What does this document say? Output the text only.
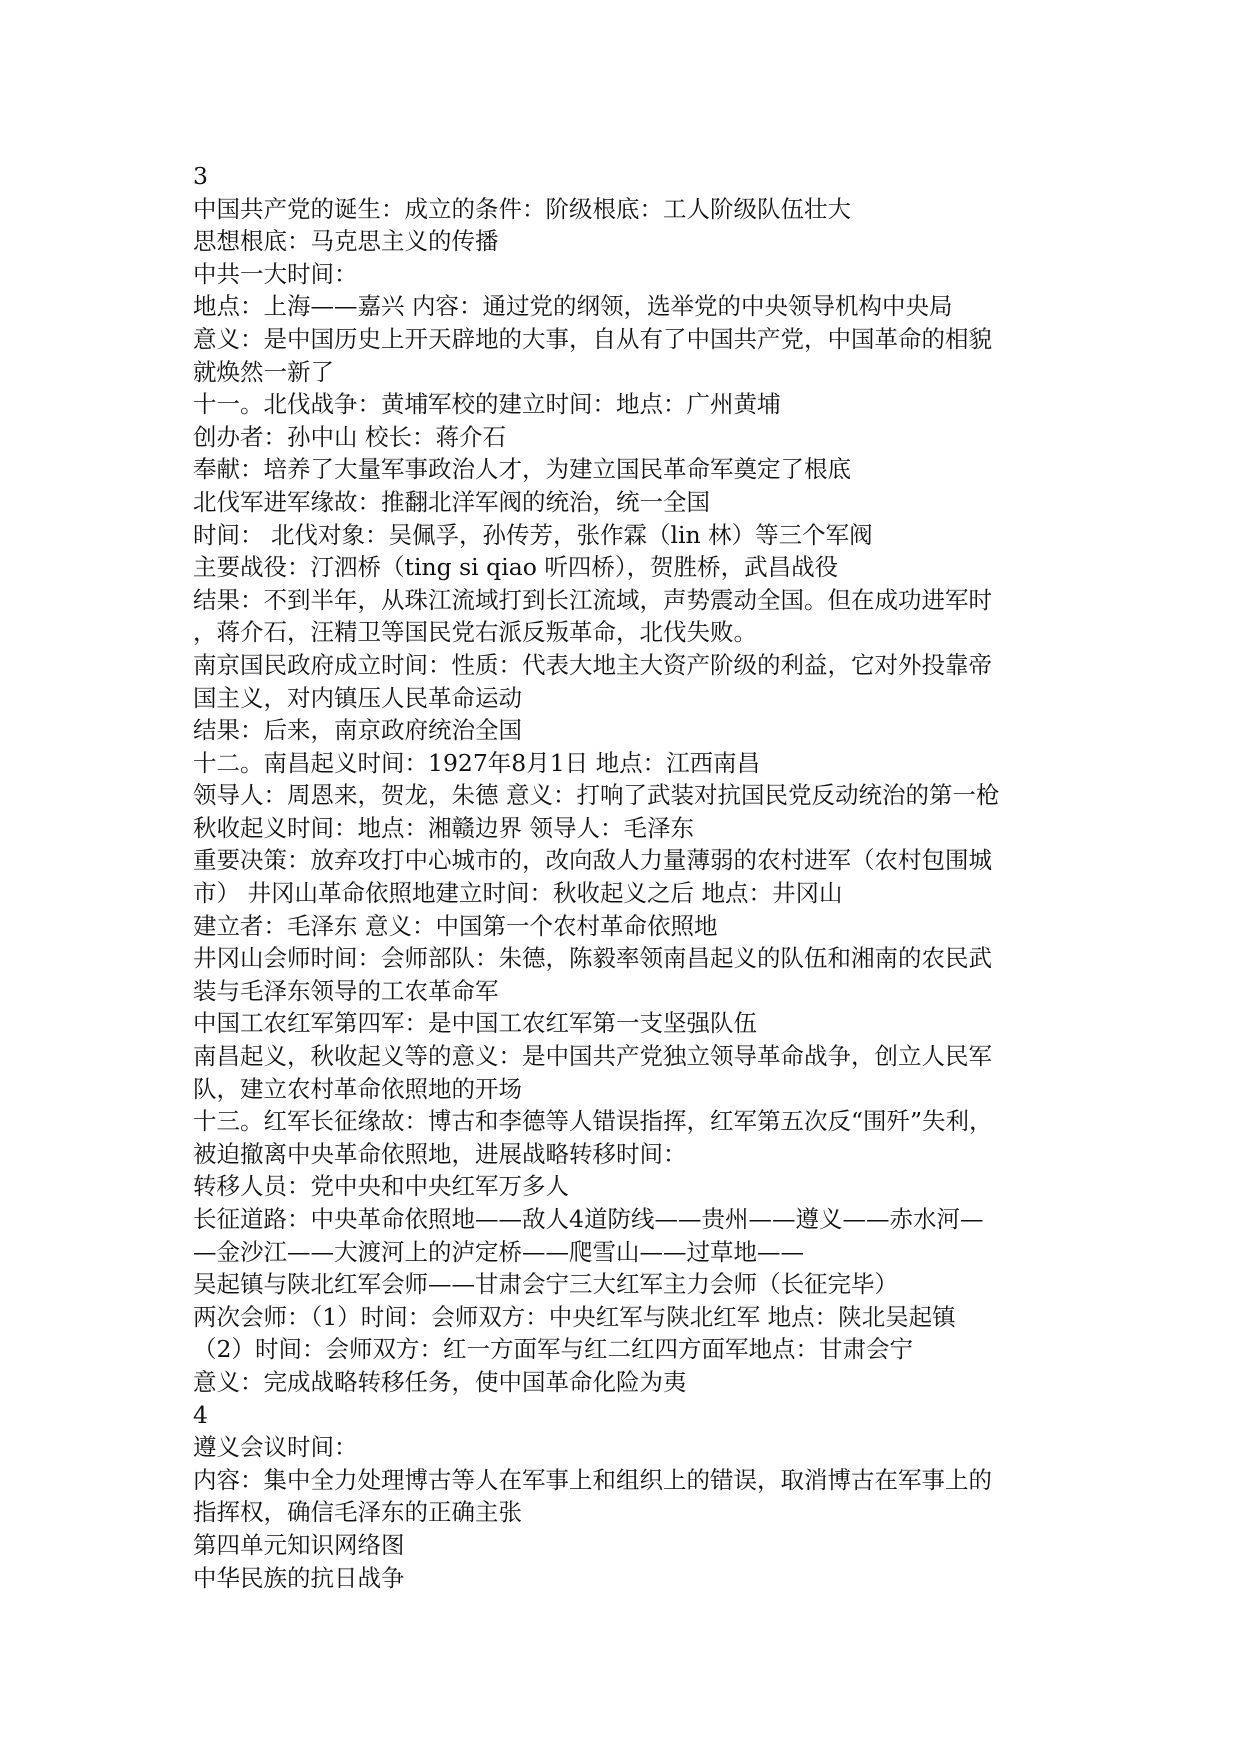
3
中国共产党的诞生：成立的条件：阶级根底：工人阶级队伍壮大
思想根底：马克思主义的传播
中共一大时间：
地点：上海——嘉兴 内容：通过党的纲领，选举党的中央领导机构中央局
意义：是中国历史上开天辟地的大事，自从有了中国共产党，中国革命的相貌
就焕然一新了
十一。北伐战争：黄埔军校的建立时间：地点：广州黄埔
创办者：孙中山 校长：蒋介石
奉献：培养了大量军事政治人才，为建立国民革命军奠定了根底
北伐军进军缘故：推翻北洋军阀的统治，统一全国
时间： 北伐对象：吴佩孚，孙传芳，张作霖（lin 林）等三个军阀
主要战役：汀泗桥（ting si qiao 听四桥），贺胜桥，武昌战役
结果：不到半年，从珠江流域打到长江流域，声势震动全国。但在成功进军时
，蒋介石，汪精卫等国民党右派反叛革命，北伐失败。
南京国民政府成立时间：性质：代表大地主大资产阶级的利益，它对外投靠帝
国主义，对内镇压人民革命运动
结果：后来，南京政府统治全国
十二。南昌起义时间：1927年8月1日 地点：江西南昌
领导人：周恩来，贺龙，朱德 意义：打响了武装对抗国民党反动统治的第一枪
秋收起义时间：地点：湘赣边界 领导人：毛泽东
重要决策：放弃攻打中心城市的，改向敌人力量薄弱的农村进军（农村包围城
市） 井冈山革命依照地建立时间：秋收起义之后 地点：井冈山
建立者：毛泽东 意义：中国第一个农村革命依照地
井冈山会师时间：会师部队：朱德，陈毅率领南昌起义的队伍和湘南的农民武
装与毛泽东领导的工农革命军
中国工农红军第四军：是中国工农红军第一支坚强队伍
南昌起义，秋收起义等的意义：是中国共产党独立领导革命战争，创立人民军
队，建立农村革命依照地的开场
十三。红军长征缘故：博古和李德等人错误指挥，红军第五次反“围歼”失利，
被迫撤离中央革命依照地，进展战略转移时间：
转移人员：党中央和中央红军万多人
长征道路：中央革命依照地——敌人4道防线——贵州——遵义——赤水河—
—金沙江——大渡河上的泸定桥——爬雪山——过草地——
吴起镇与陕北红军会师——甘肃会宁三大红军主力会师（长征完毕）
两次会师：（1）时间：会师双方：中央红军与陕北红军 地点：陕北吴起镇
（2）时间：会师双方：红一方面军与红二红四方面军地点：甘肃会宁
意义：完成战略转移任务，使中国革命化险为夷
4
遵义会议时间：
内容：集中全力处理博古等人在军事上和组织上的错误，取消博古在军事上的
指挥权，确信毛泽东的正确主张
第四单元知识网络图
中华民族的抗日战争
